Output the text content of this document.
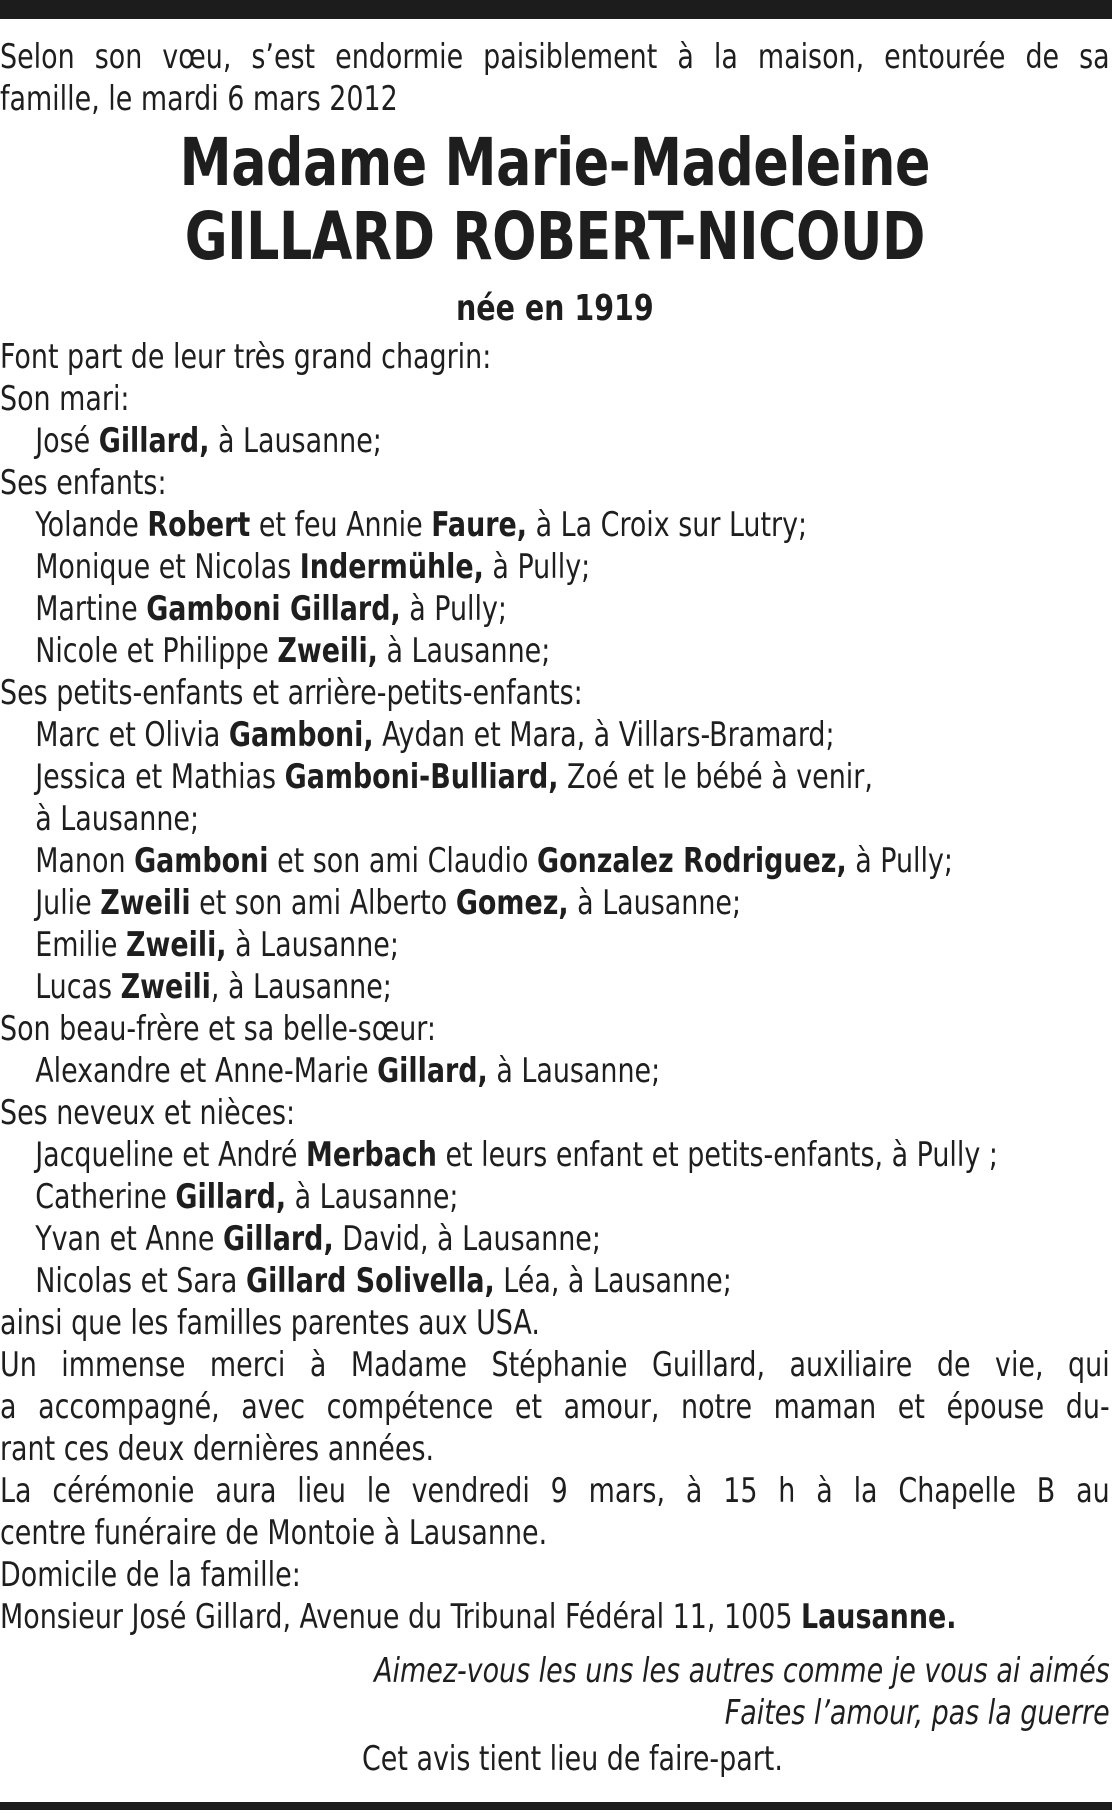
Selon son vœu, s’est endormie paisiblement à la maison, entourée de sa

famille, le mardi 6 mars 2012

Madame Marie-Madeleine

GILLARD ROBERT-NICOUD

née en 1919

Font part de leur très grand chagrin:

Son mari:

José Gillard, à Lausanne;

Ses enfants:

Yolande Robert et feu Annie Faure, à La Croix sur Lutry;

Monique et Nicolas Indermühle, à Pully;

Martine Gamboni Gillard, à Pully;

Nicole et Philippe Zweili, à Lausanne;

Ses petits-enfants et arrière-petits-enfants:

Marc et Olivia Gamboni, Aydan et Mara, à Villars-Bramard;

Jessica et Mathias Gamboni-Bulliard, Zoé et le bébé à venir,

à Lausanne;

Manon Gamboni et son ami Claudio Gonzalez Rodriguez, à Pully;

Julie Zweili et son ami Alberto Gomez, à Lausanne;

Emilie Zweili, à Lausanne;

Lucas Zweili, à Lausanne;

Son beau-frère et sa belle-sœur:

Alexandre et Anne-Marie Gillard, à Lausanne;

Ses neveux et nièces:

Jacqueline et André Merbach et leurs enfant et petits-enfants, à Pully ;

Catherine Gillard, à Lausanne;

Yvan et Anne Gillard, David, à Lausanne;

Nicolas et Sara Gillard Solivella, Léa, à Lausanne;

ainsi que les familles parentes aux USA.

Un immense merci à Madame Stéphanie Guillard, auxiliaire de vie, qui

a accompagné, avec compétence et amour, notre maman et épouse du-

rant ces deux dernières années.

La cérémonie aura lieu le vendredi 9 mars, à 15 h à la Chapelle B au

centre funéraire de Montoie à Lausanne.

Domicile de la famille:

Monsieur José Gillard, Avenue du Tribunal Fédéral 11, 1005 Lausanne.

Aimez-vous les uns les autres comme je vous ai aimés

Faites l’amour, pas la guerre

Cet avis tient lieu de faire-part.
